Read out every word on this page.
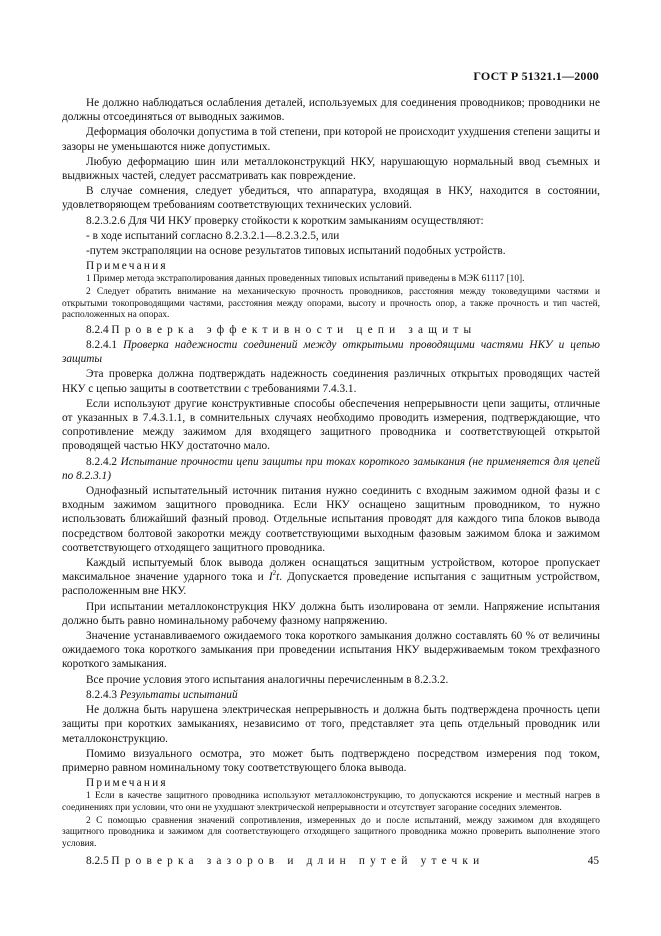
ГОСТ Р 51321.1—2000

Не должно наблюдаться ослабления деталей, используемых для соединения проводников; проводники не должны отсоединяться от выводных зажимов.

Деформация оболочки допустима в той степени, при которой не происходит ухудшения степени защиты и зазоры не уменьшаются ниже допустимых.

Любую деформацию шин или металлоконструкций НКУ, нарушающую нормальный ввод съемных и выдвижных частей, следует рассматривать как повреждение.

В случае сомнения, следует убедиться, что аппаратура, входящая в НКУ, находится в состоянии, удовлетворяющем требованиям соответствующих технических условий.

8.2.3.2.6 Для ЧИ НКУ проверку стойкости к коротким замыканиям осуществляют:

- в ходе испытаний согласно 8.2.3.2.1—8.2.3.2.5, или

-путем экстраполяции на основе результатов типовых испытаний подобных устройств.

Примечания

1 Пример метода экстраполирования данных проведенных типовых испытаний приведены в МЭК 61117 [10].

2 Следует обратить внимание на механическую прочность проводников, расстояния между токоведущими частями и открытыми токопроводящими частями, расстояния между опорами, высоту и прочность опор, а также прочность и тип частей, расположенных на опорах.

8.2.4 Проверка эффективности цепи защиты

8.2.4.1 Проверка надежности соединений между открытыми проводящими частями НКУ и цепью защиты

Эта проверка должна подтверждать надежность соединения различных открытых проводящих частей НКУ с цепью защиты в соответствии с требованиями 7.4.3.1.

Если используют другие конструктивные способы обеспечения непрерывности цепи защиты, отличные от указанных в 7.4.3.1.1, в сомнительных случаях необходимо проводить измерения, подтверждающие, что сопротивление между зажимом для входящего защитного проводника и соответствующей открытой проводящей частью НКУ достаточно мало.

8.2.4.2 Испытание прочности цепи защиты при токах короткого замыкания (не применяется для цепей по 8.2.3.1)

Однофазный испытательный источник питания нужно соединить с входным зажимом одной фазы и с входным зажимом защитного проводника. Если НКУ оснащено защитным проводником, то нужно использовать ближайший фазный провод. Отдельные испытания проводят для каждого типа блоков вывода посредством болтовой закоротки между соответствующими выходным фазовым зажимом блока и зажимом соответствующего отходящего защитного проводника.

Каждый испытуемый блок вывода должен оснащаться защитным устройством, которое пропускает максимальное значение ударного тока и $I^2t$. Допускается проведение испытания с защитным устройством, расположенным вне НКУ.

При испытании металлоконструкция НКУ должна быть изолирована от земли. Напряжение испытания должно быть равно номинальному рабочему фазному напряжению.

Значение устанавливаемого ожидаемого тока короткого замыкания должно составлять 60 % от величины ожидаемого тока короткого замыкания при проведении испытания НКУ выдерживаемым током трехфазного короткого замыкания.

Все прочие условия этого испытания аналогичны перечисленным в 8.2.3.2.

8.2.4.3 Результаты испытаний

Не должна быть нарушена электрическая непрерывность и должна быть подтверждена прочность цепи защиты при коротких замыканиях, независимо от того, представляет эта цепь отдельный проводник или металлоконструкцию.

Помимо визуального осмотра, это может быть подтверждено посредством измерения под током, примерно равном номинальному току соответствующего блока вывода.

Примечания

1 Если в качестве защитного проводника используют металлоконструкцию, то допускаются искрение и местный нагрев в соединениях при условии, что они не ухудшают электрической непрерывности и отсутствует загорание соседних элементов.

2 С помощью сравнения значений сопротивления, измеренных до и после испытаний, между зажимом для входящего защитного проводника и зажимом для соответствующего отходящего защитного проводника можно проверить выполнение этого условия.

8.2.5 Проверка зазоров и длин путей утечки	45
